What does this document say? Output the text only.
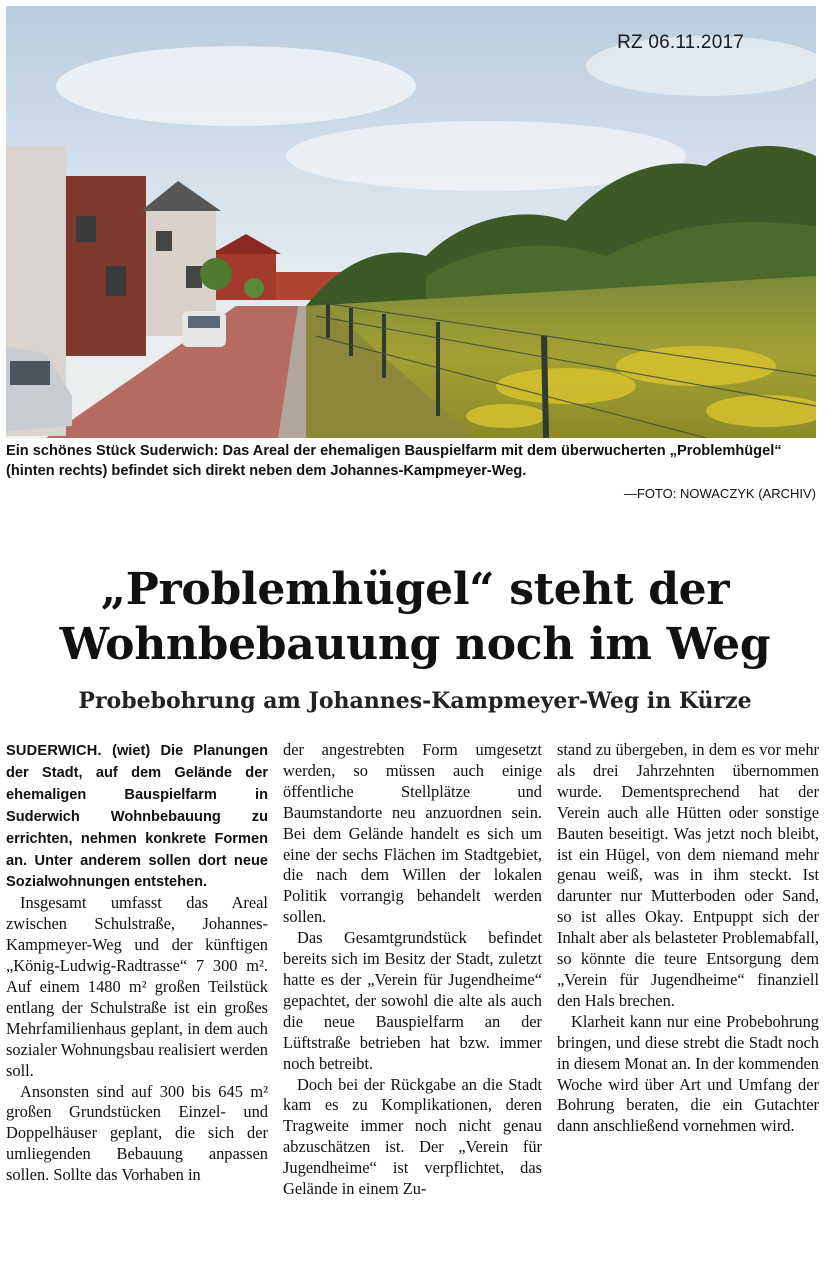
RZ 06.11.2017
Ein schönes Stück Suderwich: Das Areal der ehemaligen Bauspielfarm mit dem überwucherten „Problemhügel“ (hinten rechts) befindet sich direkt neben dem Johannes-Kampmeyer-Weg.
—FOTO: NOWACZYK (ARCHIV)
„Problemhügel“ steht der
Wohnbebauung noch im Weg
Probebohrung am Johannes-Kampmeyer-Weg in Kürze

SUDERWICH. (wiet) Die Planungen der Stadt, auf dem Gelände der ehemaligen Bauspielfarm in Suderwich Wohnbebauung zu errichten, nehmen konkrete Formen an. Unter anderem sollen dort neue Sozialwohnungen entstehen.

Insgesamt umfasst das Areal zwischen Schulstraße, Johannes-Kampmeyer-Weg und der künftigen „König-Ludwig-Radtrasse“ 7 300 m². Auf einem 1480 m² großen Teilstück entlang der Schulstraße ist ein großes Mehrfamilienhaus geplant, in dem auch sozialer Wohnungsbau realisiert werden soll.

Ansonsten sind auf 300 bis 645 m² großen Grundstücken Einzel- und Doppelhäuser geplant, die sich der umliegenden Bebauung anpassen sollen. Sollte das Vorhaben in

der angestrebten Form umgesetzt werden, so müssen auch einige öffentliche Stellplätze und Baumstandorte neu anzuordnen sein. Bei dem Gelände handelt es sich um eine der sechs Flächen im Stadtgebiet, die nach dem Willen der lokalen Politik vorrangig behandelt werden sollen.

Das Gesamtgrundstück befindet bereits sich im Besitz der Stadt, zuletzt hatte es der „Verein für Jugendheime“ gepachtet, der sowohl die alte als auch die neue Bauspielfarm an der Lüftstraße betrieben hat bzw. immer noch betreibt.

Doch bei der Rückgabe an die Stadt kam es zu Komplikationen, deren Tragweite immer noch nicht genau abzuschätzen ist. Der „Verein für Jugendheime“ ist verpflichtet, das Gelände in einem Zu-

stand zu übergeben, in dem es vor mehr als drei Jahrzehnten übernommen wurde. Dementsprechend hat der Verein auch alle Hütten oder sonstige Bauten beseitigt. Was jetzt noch bleibt, ist ein Hügel, von dem niemand mehr genau weiß, was in ihm steckt. Ist darunter nur Mutterboden oder Sand, so ist alles Okay. Entpuppt sich der Inhalt aber als belasteter Problemabfall, so könnte die teure Entsorgung dem „Verein für Jugendheime“ finanziell den Hals brechen.

Klarheit kann nur eine Probebohrung bringen, und diese strebt die Stadt noch in diesem Monat an. In der kommenden Woche wird über Art und Umfang der Bohrung beraten, die ein Gutachter dann anschließend vornehmen wird.
